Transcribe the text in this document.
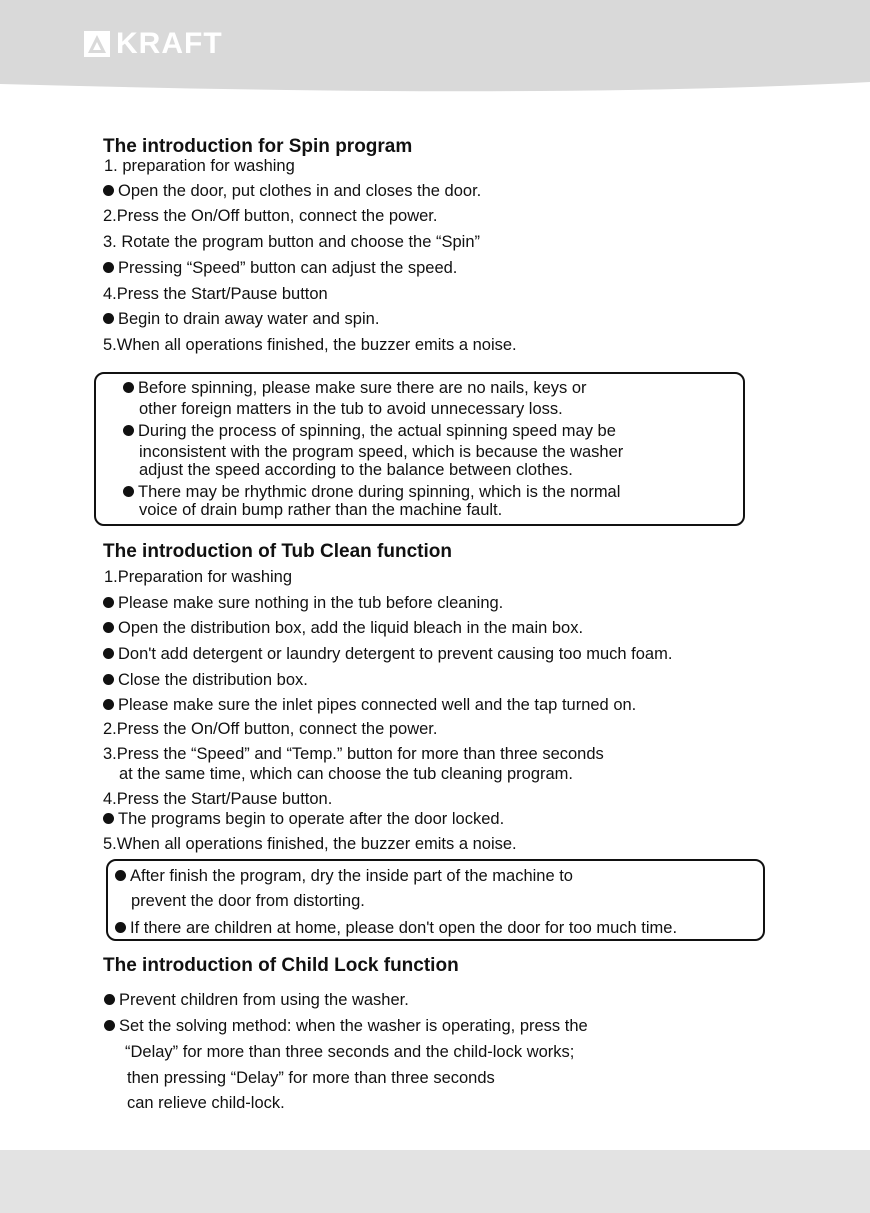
KRAFT
The introduction for Spin program
1. preparation for washing
Open the door, put clothes in and closes the door.
2.Press the On/Off button, connect the power.
3. Rotate the program button and choose the “Spin”
Pressing “Speed” button can adjust the speed.
4.Press the Start/Pause button
Begin to drain away water and spin.
5.When all operations finished, the buzzer emits a noise.
Before spinning, please make sure there are no nails, keys or
other foreign matters in the tub to avoid unnecessary loss.
During the process of spinning, the actual spinning speed may be
inconsistent with the program speed, which is because the washer
adjust the speed according to the balance between clothes.
There may be rhythmic drone during spinning, which is the normal
voice of drain bump rather than the machine fault.
The introduction of Tub Clean function
1.Preparation for washing
Please make sure nothing in the tub before cleaning.
Open the distribution box, add the liquid bleach in the main box.
Don't add detergent or laundry detergent to prevent causing too much foam.
Close the distribution box.
Please make sure the inlet pipes connected well and the tap turned on.
2.Press the On/Off button, connect the power.
3.Press the “Speed” and “Temp.” button for more than three seconds
at the same time, which can choose the tub cleaning program.
4.Press the Start/Pause button.
The programs begin to operate after the door locked.
5.When all operations finished, the buzzer emits a noise.
After finish the program, dry the inside part of the machine to
prevent the door from distorting.
If there are children at home, please don't open the door for too much time.
The introduction of Child Lock function
Prevent children from using the washer.
Set the solving method: when the washer is operating, press the
“Delay” for more than three seconds and the child-lock works;
then pressing “Delay” for more than three seconds
can relieve child-lock.
